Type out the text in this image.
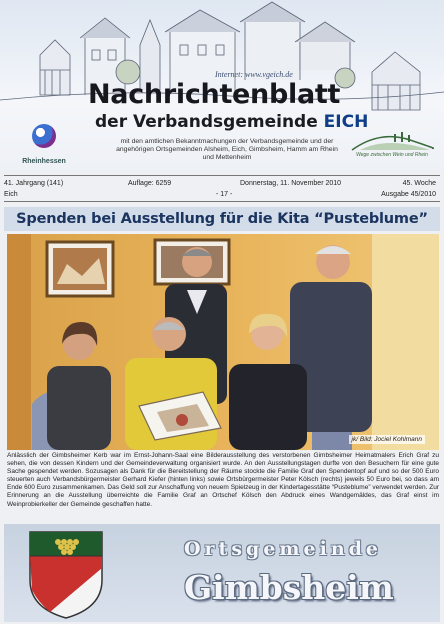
Internet: www.vgeich.de
Nachrichtenblatt
der Verbandsgemeinde EICH
mit den amtlichen Bekanntmachungen der Verbandsgemeinde und der angehörigen Ortsgemeinden Alsheim, Eich, Gimbsheim, Hamm am Rhein und Mettenheim
Rheinhessen
Wege zwischen Wein und Rhein
41. Jahrgang (141)	Auflage: 6259	Donnerstag, 11. November 2010	45. Woche
Eich	- 17 -	Ausgabe 45/2010
Spenden bei Ausstellung für die Kita “Pusteblume”
jk/ Bild: Jociel Kohlmann
Anlässlich der Gimbsheimer Kerb war im Ernst-Johann-Saal eine Bilderausstellung des verstorbenen Gimbsheimer Heimatmalers Erich Graf zu sehen, die von dessen Kindern und der Gemeindeverwaltung organisiert wurde. An den Ausstellungstagen durfte von den Besuchern für eine gute Sache gespendet werden. Sozusagen als Dank für die Bereitstellung der Räume stockte die Familie Graf den Spendentopf auf und so der 500 Euro steuerten auch Verbandsbürgermeister Gerhard Kiefer (hinten links) sowie Ortsbürgermeister Peter Kölsch (rechts) jeweils 50 Euro bei, so dass am Ende 600 Euro zusammenkamen. Das Geld soll zur Anschaffung von neuem Spielzeug in der Kindertagesstätte “Pusteblume” verwendet werden. Zur Erinnerung an die Ausstellung überreichte die Familie Graf an Ortschef Kölsch den Abdruck eines Wandgemäldes, das Graf einst im Weinprobierkeller der Gemeinde geschaffen hatte.
Ortsgemeinde
Gimbsheim
